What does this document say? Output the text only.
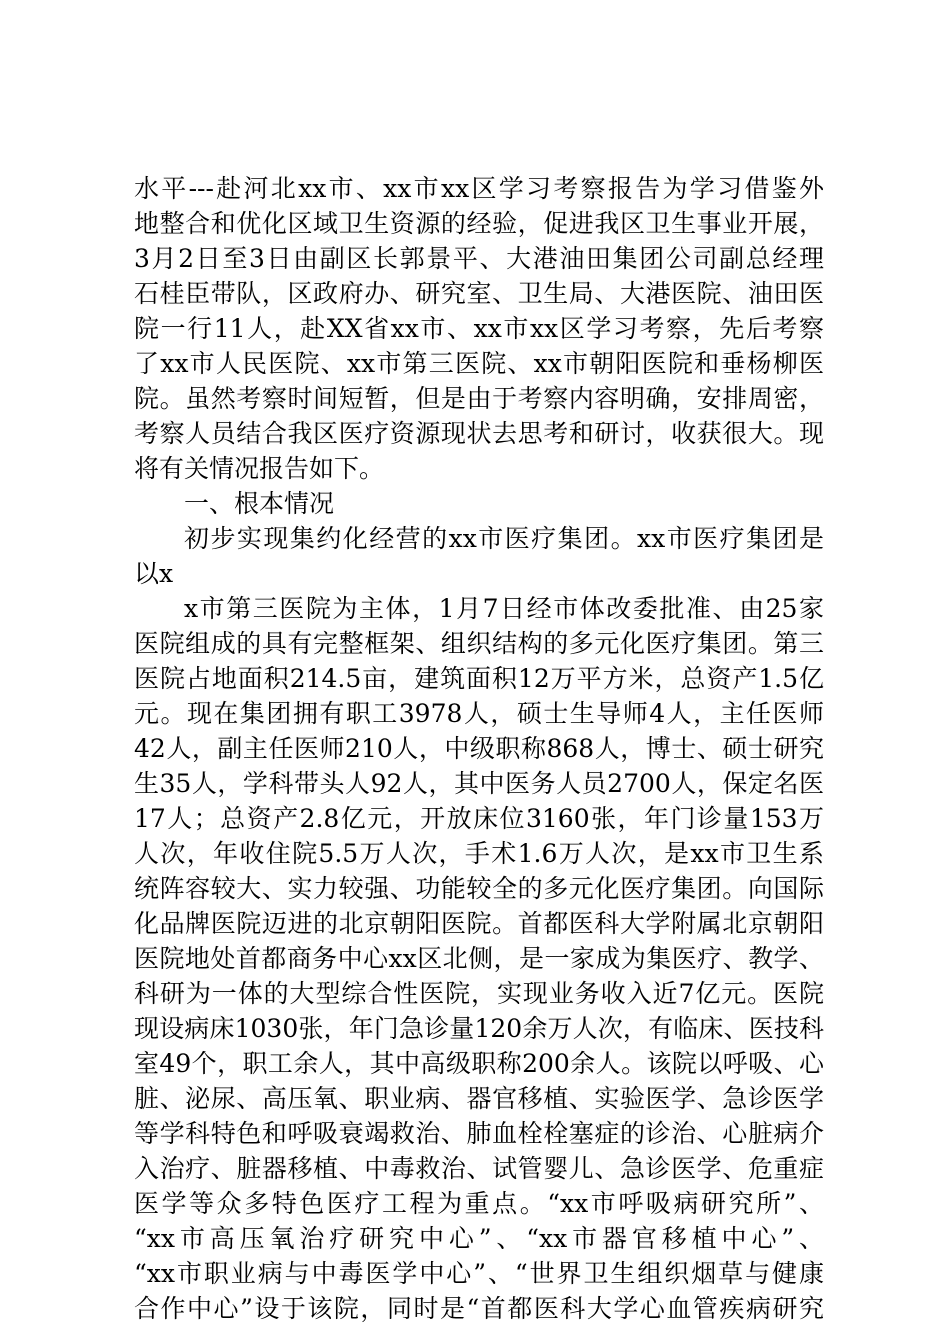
水平---赴河北xx市、xx市xx区学习考察报告为学习借鉴外
地整合和优化区域卫生资源的经验，促进我区卫生事业开展，
3月2日至3日由副区长郭景平、大港油田集团公司副总经理
石桂臣带队，区政府办、研究室、卫生局、大港医院、油田医
院一行11人，赴XX省xx市、xx市xx区学习考察，先后考察
了xx市人民医院、xx市第三医院、xx市朝阳医院和垂杨柳医
院。虽然考察时间短暂，但是由于考察内容明确，安排周密，
考察人员结合我区医疗资源现状去思考和研讨，收获很大。现
将有关情况报告如下。
一、根本情况
初步实现集约化经营的xx市医疗集团。xx市医疗集团是
以x
x市第三医院为主体，1月7日经市体改委批准、由25家
医院组成的具有完整框架、组织结构的多元化医疗集团。第三
医院占地面积214.5亩，建筑面积12万平方米，总资产1.5亿
元。现在集团拥有职工3978人，硕士生导师4人，主任医师
42人，副主任医师210人，中级职称868人，博士、硕士研究
生35人，学科带头人92人，其中医务人员2700人，保定名医
17人；总资产2.8亿元，开放床位3160张，年门诊量153万
人次，年收住院5.5万人次，手术1.6万人次，是xx市卫生系
统阵容较大、实力较强、功能较全的多元化医疗集团。向国际
化品牌医院迈进的北京朝阳医院。首都医科大学附属北京朝阳
医院地处首都商务中心xx区北侧，是一家成为集医疗、教学、
科研为一体的大型综合性医院，实现业务收入近7亿元。医院
现设病床1030张，年门急诊量120余万人次，有临床、医技科
室49个，职工余人，其中高级职称200余人。该院以呼吸、心
脏、泌尿、高压氧、职业病、器官移植、实验医学、急诊医学
等学科特色和呼吸衰竭救治、肺血栓栓塞症的诊治、心脏病介
入治疗、脏器移植、中毒救治、试管婴儿、急诊医学、危重症
医学等众多特色医疗工程为重点。“xx市呼吸病研究所”、
“xx市高压氧治疗研究中心”、“xx市器官移植中心”、
“xx市职业病与中毒医学中心”、“世界卫生组织烟草与健康
合作中心”设于该院，同时是“首都医科大学心血管疾病研究
